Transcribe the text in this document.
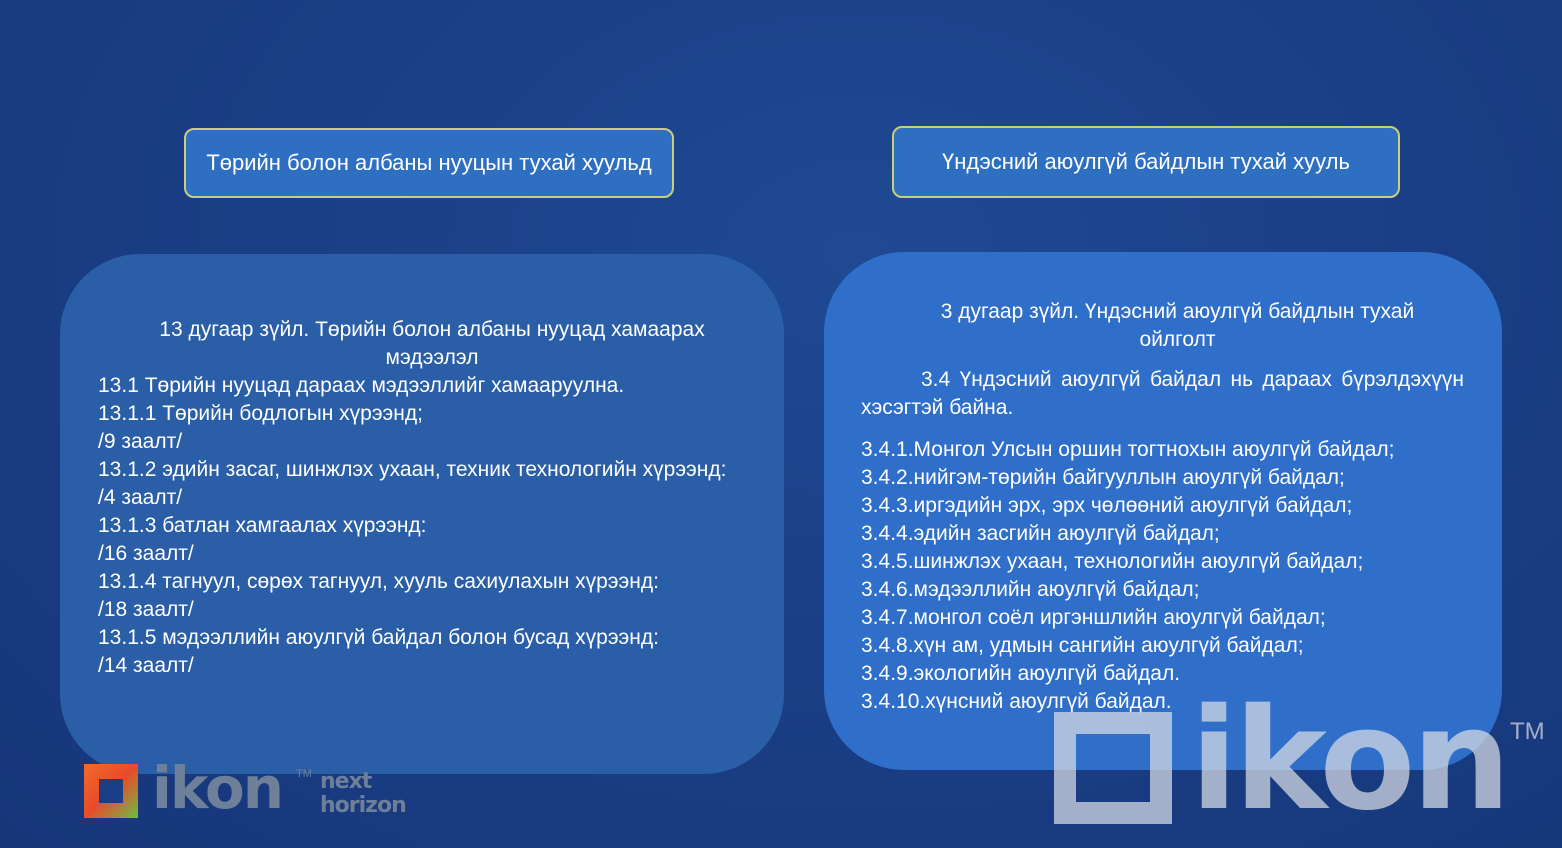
Төрийн болон албаны нууцын тухай хуульд	Үндэсний аюулгүй байдлын тухай хууль
13 дугаар зүйл. Төрийн болон албаны нууцад хамаарах
мэдээлэл
13.1 Төрийн нууцад дараах мэдээллийг хамааруулна.
13.1.1 Төрийн бодлогын хүрээнд;
/9 заалт/
13.1.2 эдийн засаг, шинжлэх ухаан, техник технологийн хүрээнд:
/4 заалт/
13.1.3 батлан хамгаалах хүрээнд:
/16 заалт/
13.1.4 тагнуул, сөрөх тагнуул, хууль сахиулахын хүрээнд:
/18 заалт/
13.1.5 мэдээллийн аюулгүй байдал болон бусад хүрээнд:
/14 заалт/
3 дугаар зүйл. Үндэсний аюулгүй байдлын тухай
ойлголт
3.4 Үндэсний аюулгүй байдал нь дараах бүрэлдэхүүн хэсэгтэй байна.
3.4.1.Монгол Улсын оршин тогтнохын аюулгүй байдал;
3.4.2.нийгэм-төрийн байгууллын аюулгүй байдал;
3.4.3.иргэдийн эрх, эрх чөлөөний аюулгүй байдал;
3.4.4.эдийн засгийн аюулгүй байдал;
3.4.5.шинжлэх ухаан, технологийн аюулгүй байдал;
3.4.6.мэдээллийн аюулгүй байдал;
3.4.7.монгол соёл иргэншлийн аюулгүй байдал;
3.4.8.хүн ам, удмын сангийн аюулгүй байдал;
3.4.9.экологийн аюулгүй байдал.
3.4.10.хүнсний аюулгүй байдал.
ikon TM next
horizon	ikon TM
